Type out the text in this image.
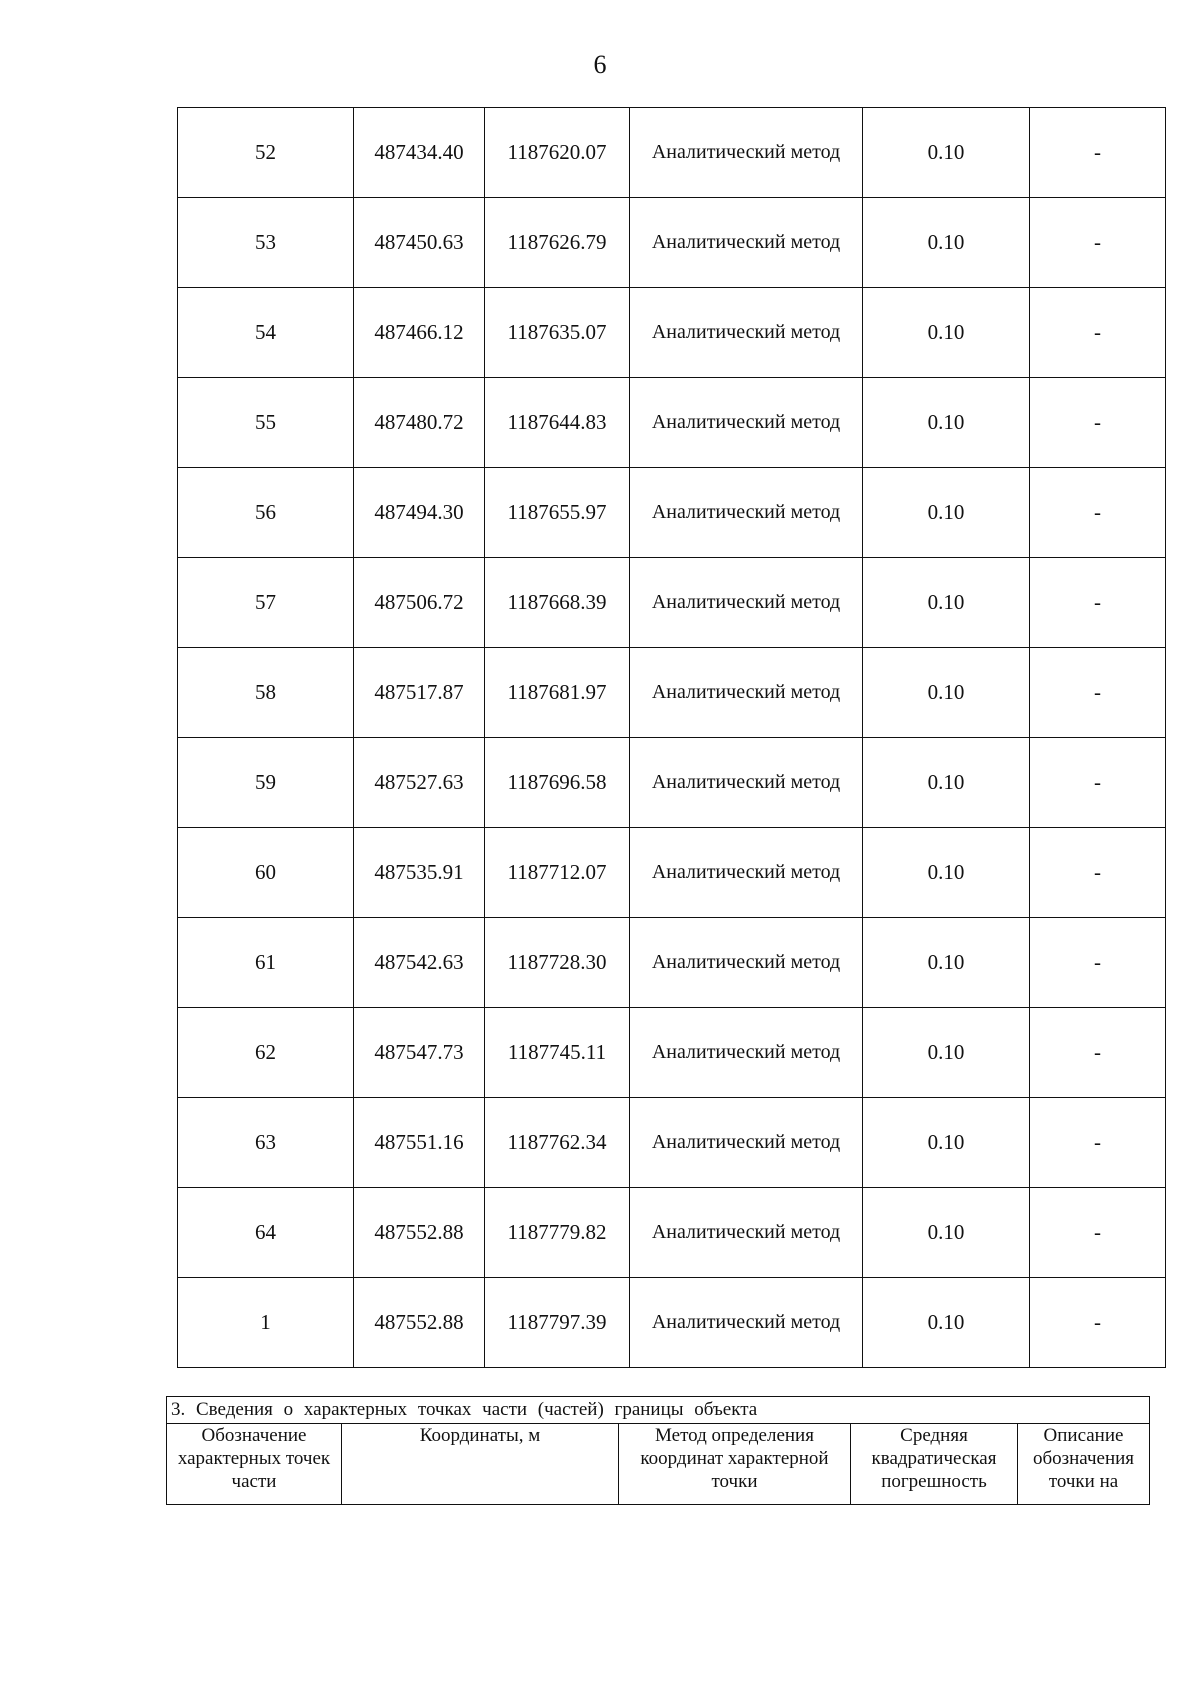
6
52	487434.40	1187620.07	Аналитический метод	0.10	-
53	487450.63	1187626.79	Аналитический метод	0.10	-
54	487466.12	1187635.07	Аналитический метод	0.10	-
55	487480.72	1187644.83	Аналитический метод	0.10	-
56	487494.30	1187655.97	Аналитический метод	0.10	-
57	487506.72	1187668.39	Аналитический метод	0.10	-
58	487517.87	1187681.97	Аналитический метод	0.10	-
59	487527.63	1187696.58	Аналитический метод	0.10	-
60	487535.91	1187712.07	Аналитический метод	0.10	-
61	487542.63	1187728.30	Аналитический метод	0.10	-
62	487547.73	1187745.11	Аналитический метод	0.10	-
63	487551.16	1187762.34	Аналитический метод	0.10	-
64	487552.88	1187779.82	Аналитический метод	0.10	-
1	487552.88	1187797.39	Аналитический метод	0.10	-
3. Сведения о характерных точках части (частей) границы объекта
Обозначение характерных точек части	Координаты, м	Метод определения координат характерной точки	Средняя квадратическая погрешность	Описание обозначения точки на
